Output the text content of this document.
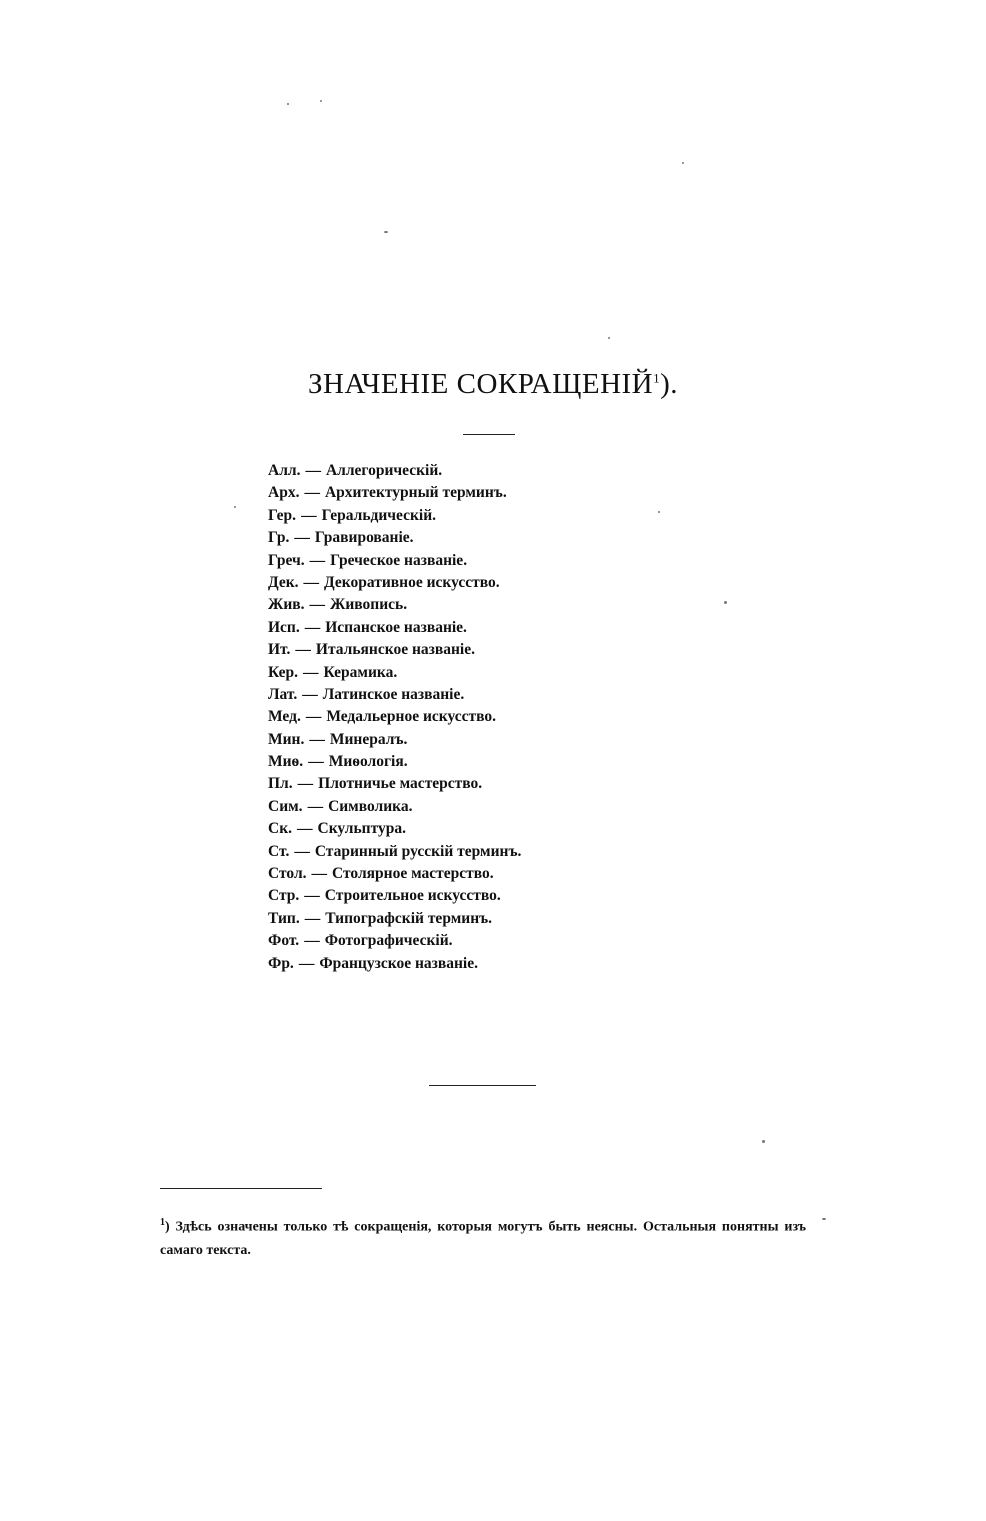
ЗНАЧЕНІЕ СОКРАЩЕНІЙ$^1$).
Алл. — Аллегорическій.
Арх. — Архитектурный терминъ.
Гер. — Геральдическій.
Гр. — Гравированіе.
Греч. — Греческое названіе.
Дек. — Декоративное искусство.
Жив. — Живопись.
Исп. — Испанское названіе.
Ит. — Итальянское названіе.
Кер. — Керамика.
Лат. — Латинское названіе.
Мед. — Медальерное искусство.
Мин. — Минералъ.
Миѳ. — Миѳологія.
Пл. — Плотничье мастерство.
Сим. — Символика.
Ск. — Скульптура.
Ст. — Старинный русскій терминъ.
Стол. — Столярное мастерство.
Стр. — Строительное искусство.
Тип. — Типографскій терминъ.
Фот. — Фотографическій.
Фр. — Французское названіе.

$^1$) Здѣсь означены только тѣ сокращенія, которыя могутъ быть неясны. Остальныя понятны изъ самаго текста.
